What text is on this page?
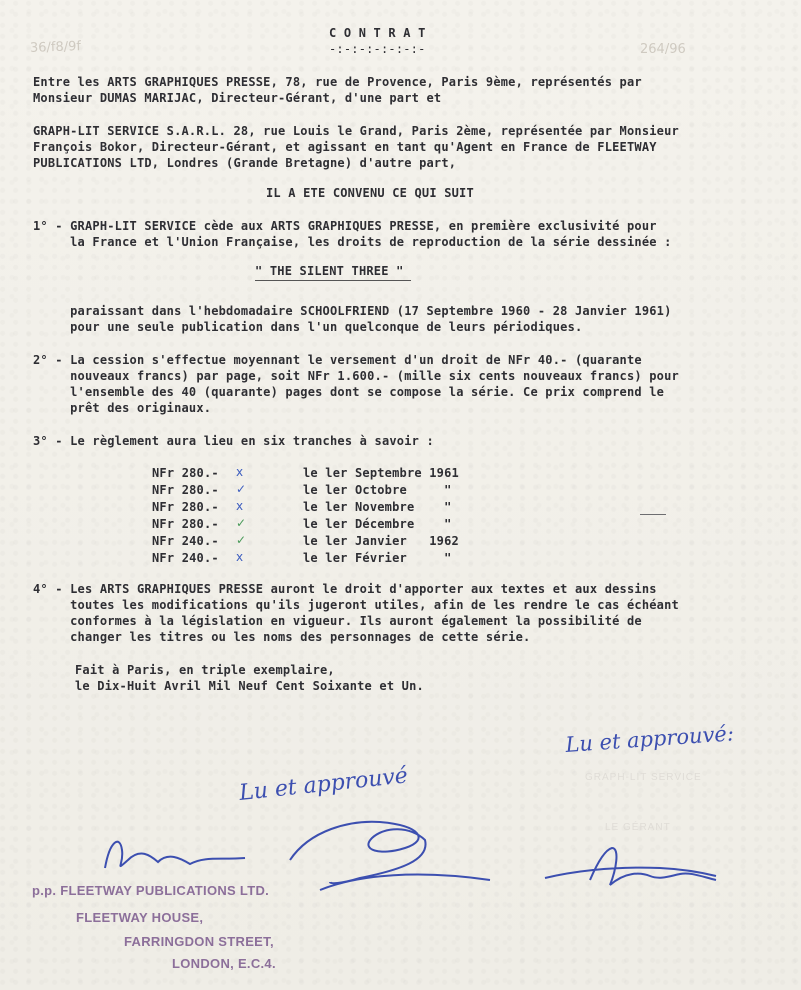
36/f8/9f	264/96
C O N T R A T
-:-:-:-:-:-:-
Entre les ARTS GRAPHIQUES PRESSE, 78, rue de Provence, Paris 9ème, représentés par
Monsieur DUMAS MARIJAC, Directeur-Gérant, d'une part et
GRAPH-LIT SERVICE S.A.R.L. 28, rue Louis le Grand, Paris 2ème, représentée par Monsieur
François Bokor, Directeur-Gérant, et agissant en tant qu'Agent en France de FLEETWAY
PUBLICATIONS LTD, Londres (Grande Bretagne) d'autre part,
IL A ETE CONVENU CE QUI SUIT
1° - GRAPH-LIT SERVICE cède aux ARTS GRAPHIQUES PRESSE, en première exclusivité pour
la France et l'Union Française, les droits de reproduction de la série dessinée :
" THE SILENT THREE "
paraissant dans l'hebdomadaire SCHOOLFRIEND (17 Septembre 1960 - 28 Janvier 1961)
pour une seule publication dans l'un quelconque de leurs périodiques.
2° - La cession s'effectue moyennant le versement d'un droit de NFr 40.- (quarante
nouveaux francs) par page, soit NFr 1.600.- (mille six cents nouveaux francs) pour
l'ensemble des 40 (quarante) pages dont se compose la série. Ce prix comprend le
prêt des originaux.
3° - Le règlement aura lieu en six tranches à savoir :
NFr 280.- x	le ler Septembre 1961
NFr 280.- ✓	le ler Octobre     "
NFr 280.- x	le ler Novembre    "
NFr 280.- ✓	le ler Décembre    "
NFr 240.- ✓	le ler Janvier   1962
NFr 240.- x	le ler Février     "
4° - Les ARTS GRAPHIQUES PRESSE auront le droit d'apporter aux textes et aux dessins
toutes les modifications qu'ils jugeront utiles, afin de les rendre le cas échéant
conformes à la législation en vigueur. Ils auront également la possibilité de
changer les titres ou les noms des personnages de cette série.
Fait à Paris, en triple exemplaire,
le Dix-Huit Avril Mil Neuf Cent Soixante et Un.
GRAPH-LIT SERVICE
LE GÉRANT
Lu et approuvé:
Lu et approuvé
p.p. FLEETWAY PUBLICATIONS LTD.
FLEETWAY HOUSE,
FARRINGDON STREET,
LONDON, E.C.4.
